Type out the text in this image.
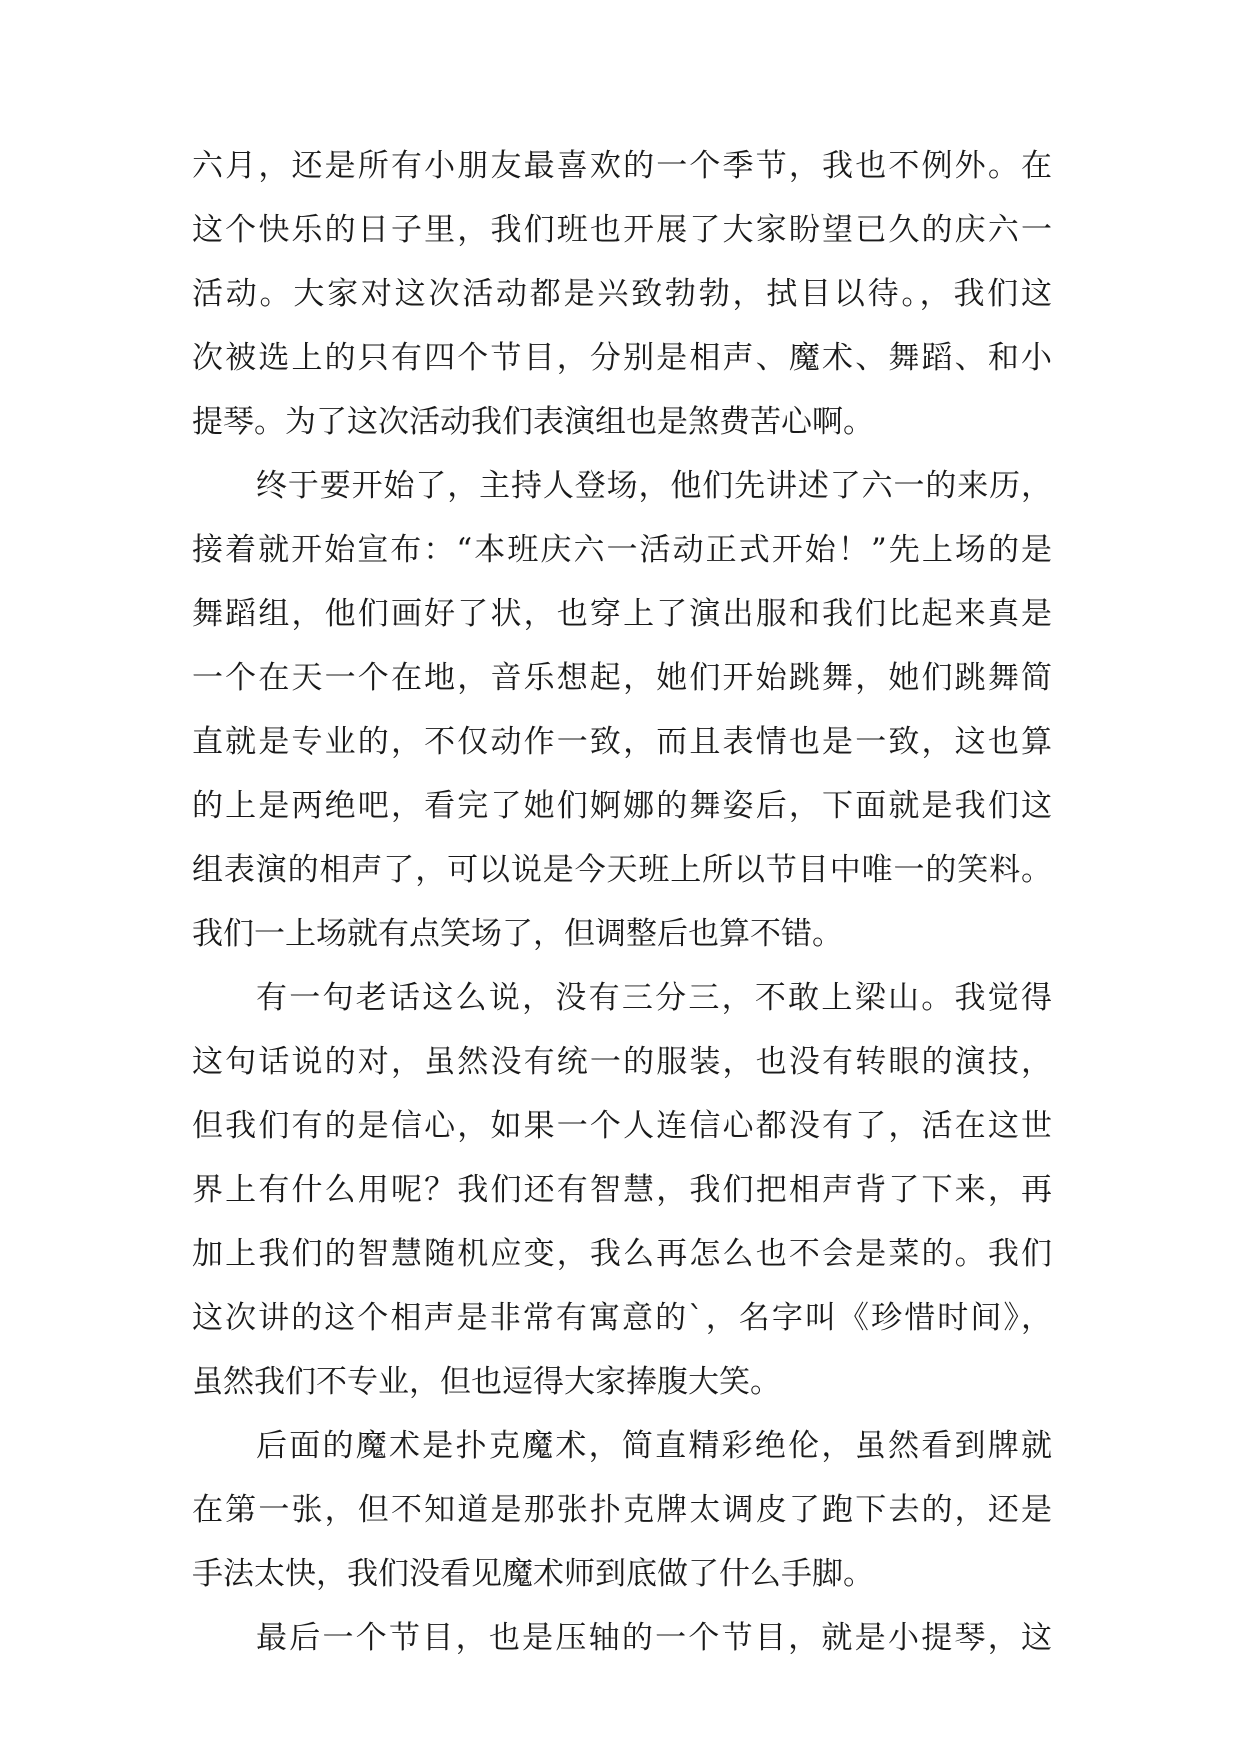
六月，还是所有小朋友最喜欢的一个季节，我也不例外。在
这个快乐的日子里，我们班也开展了大家盼望已久的庆六一
活动。大家对这次活动都是兴致勃勃，拭目以待。，我们这
次被选上的只有四个节目，分别是相声、魔术、舞蹈、和小
提琴。为了这次活动我们表演组也是煞费苦心啊。
终于要开始了，主持人登场，他们先讲述了六一的来历，
接着就开始宣布：“本班庆六一活动正式开始！”先上场的是
舞蹈组，他们画好了状，也穿上了演出服和我们比起来真是
一个在天一个在地，音乐想起，她们开始跳舞，她们跳舞简
直就是专业的，不仅动作一致，而且表情也是一致，这也算
的上是两绝吧，看完了她们婀娜的舞姿后，下面就是我们这
组表演的相声了，可以说是今天班上所以节目中唯一的笑料。
我们一上场就有点笑场了，但调整后也算不错。
有一句老话这么说，没有三分三，不敢上梁山。我觉得
这句话说的对，虽然没有统一的服装，也没有转眼的演技，
但我们有的是信心，如果一个人连信心都没有了，活在这世
界上有什么用呢？我们还有智慧，我们把相声背了下来，再
加上我们的智慧随机应变，我么再怎么也不会是菜的。我们
这次讲的这个相声是非常有寓意的`，名字叫《珍惜时间》，
虽然我们不专业，但也逗得大家捧腹大笑。
后面的魔术是扑克魔术，简直精彩绝伦，虽然看到牌就
在第一张，但不知道是那张扑克牌太调皮了跑下去的，还是
手法太快，我们没看见魔术师到底做了什么手脚。
最后一个节目，也是压轴的一个节目，就是小提琴，这
